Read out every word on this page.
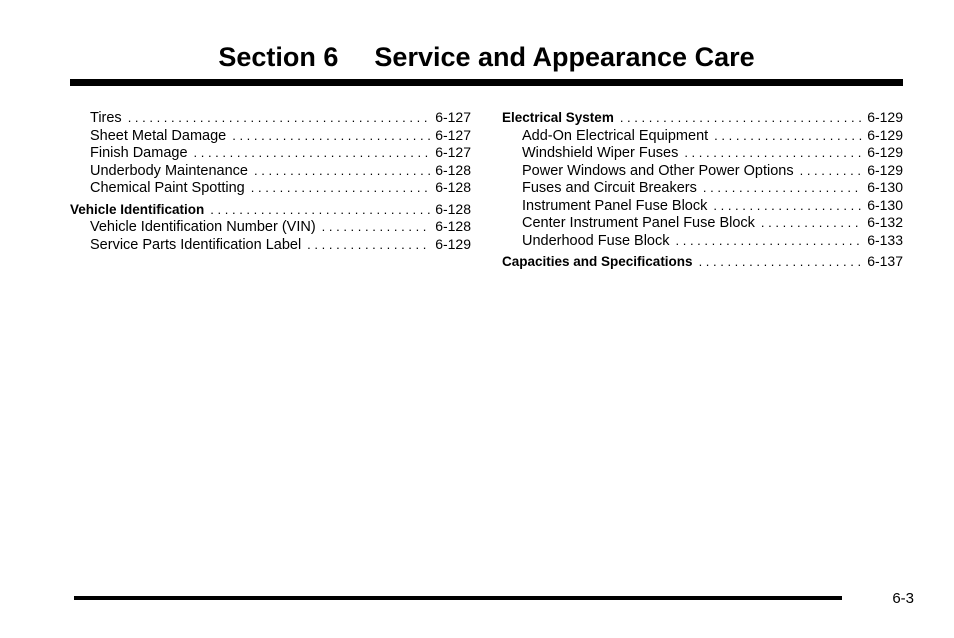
Section 6 Service and Appearance Care
Tires . . .	6-127
Sheet Metal Damage . . .	6-127
Finish Damage . . .	6-127
Underbody Maintenance . . .	6-128
Chemical Paint Spotting . . .	6-128
Vehicle Identification . . .	6-128
Vehicle Identification Number (VIN) . . .	6-128
Service Parts Identification Label . . .	6-129
Electrical System . . .	6-129
Add-On Electrical Equipment . . .	6-129
Windshield Wiper Fuses . . .	6-129
Power Windows and Other Power Options . . .	6-129
Fuses and Circuit Breakers . . .	6-130
Instrument Panel Fuse Block . . .	6-130
Center Instrument Panel Fuse Block . . .	6-132
Underhood Fuse Block . . .	6-133
Capacities and Specifications . . .	6-137
6-3
